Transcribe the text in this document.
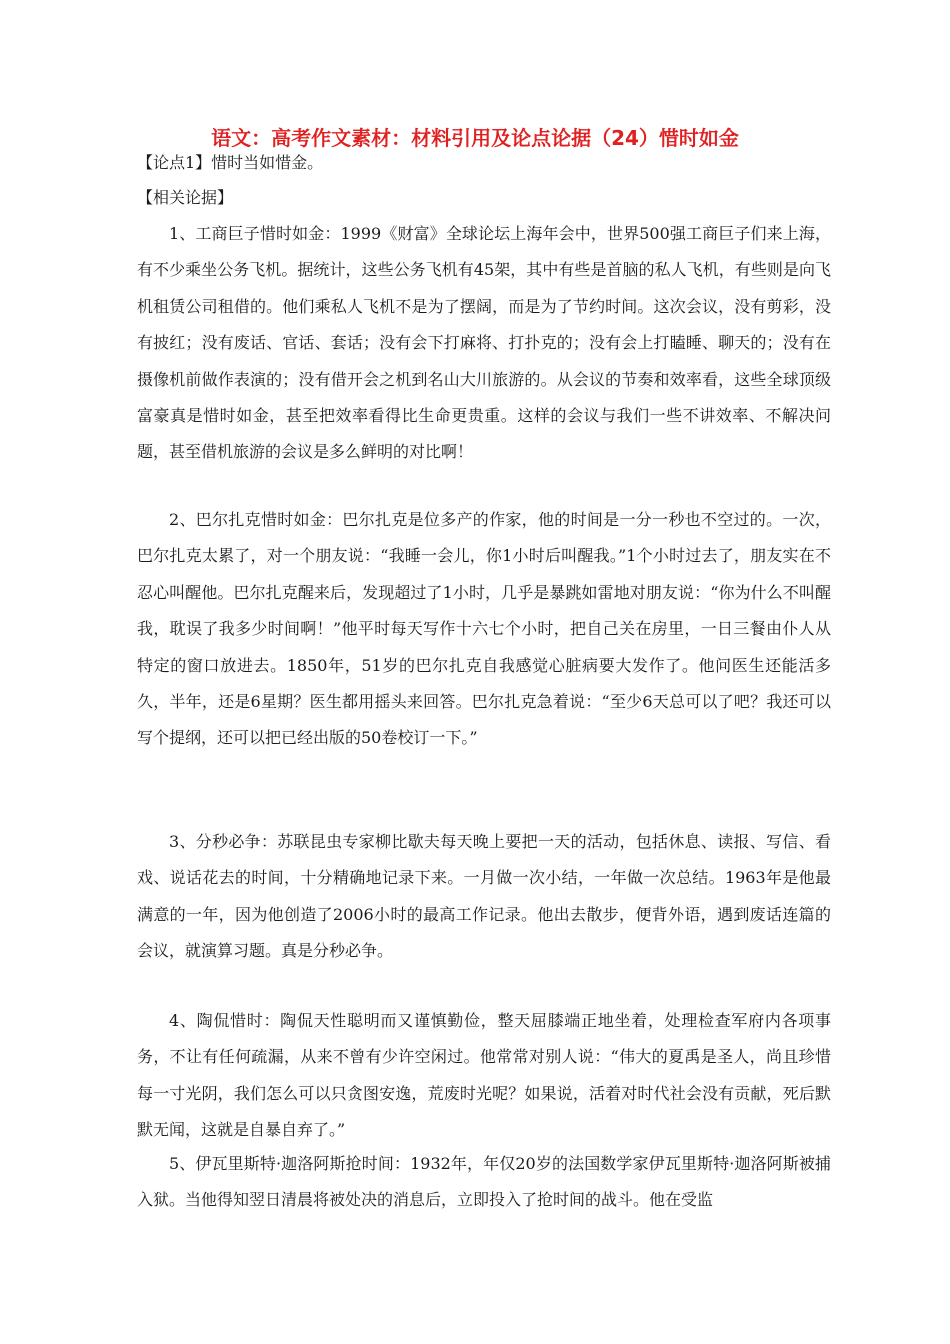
语文：高考作文素材：材料引用及论点论据（24）惜时如金

【论点1】惜时当如惜金。

【相关论据】

1、工商巨子惜时如金：1999《财富》全球论坛上海年会中，世界500强工商巨子们来上海，有不少乘坐公务飞机。据统计，这些公务飞机有45架，其中有些是首脑的私人飞机，有些则是向飞机租赁公司租借的。他们乘私人飞机不是为了摆阔，而是为了节约时间。这次会议，没有剪彩，没有披红；没有废话、官话、套话；没有会下打麻将、打扑克的；没有会上打瞌睡、聊天的；没有在摄像机前做作表演的；没有借开会之机到名山大川旅游的。从会议的节奏和效率看，这些全球顶级富豪真是惜时如金，甚至把效率看得比生命更贵重。这样的会议与我们一些不讲效率、不解决问题，甚至借机旅游的会议是多么鲜明的对比啊！

2、巴尔扎克惜时如金：巴尔扎克是位多产的作家，他的时间是一分一秒也不空过的。一次，巴尔扎克太累了，对一个朋友说：“我睡一会儿，你1小时后叫醒我。”1个小时过去了，朋友实在不忍心叫醒他。巴尔扎克醒来后，发现超过了1小时，几乎是暴跳如雷地对朋友说：“你为什么不叫醒我，耽误了我多少时间啊！”他平时每天写作十六七个小时，把自己关在房里，一日三餐由仆人从特定的窗口放进去。1850年，51岁的巴尔扎克自我感觉心脏病要大发作了。他问医生还能活多久，半年，还是6星期？医生都用摇头来回答。巴尔扎克急着说：“至少6天总可以了吧？我还可以写个提纲，还可以把已经出版的50卷校订一下。”

3、分秒必争：苏联昆虫专家柳比歇夫每天晚上要把一天的活动，包括休息、读报、写信、看戏、说话花去的时间，十分精确地记录下来。一月做一次小结，一年做一次总结。1963年是他最满意的一年，因为他创造了2006小时的最高工作记录。他出去散步，便背外语，遇到废话连篇的会议，就演算习题。真是分秒必争。

4、陶侃惜时：陶侃天性聪明而又谨慎勤俭，整天屈膝端正地坐着，处理检查军府内各项事务，不让有任何疏漏，从来不曾有少许空闲过。他常常对别人说：“伟大的夏禹是圣人，尚且珍惜每一寸光阴，我们怎么可以只贪图安逸，荒废时光呢？如果说，活着对时代社会没有贡献，死后默默无闻，这就是自暴自弃了。”

5、伊瓦里斯特·迦洛阿斯抢时间：1932年，年仅20岁的法国数学家伊瓦里斯特·迦洛阿斯被捕入狱。当他得知翌日清晨将被处决的消息后，立即投入了抢时间的战斗。他在受监
